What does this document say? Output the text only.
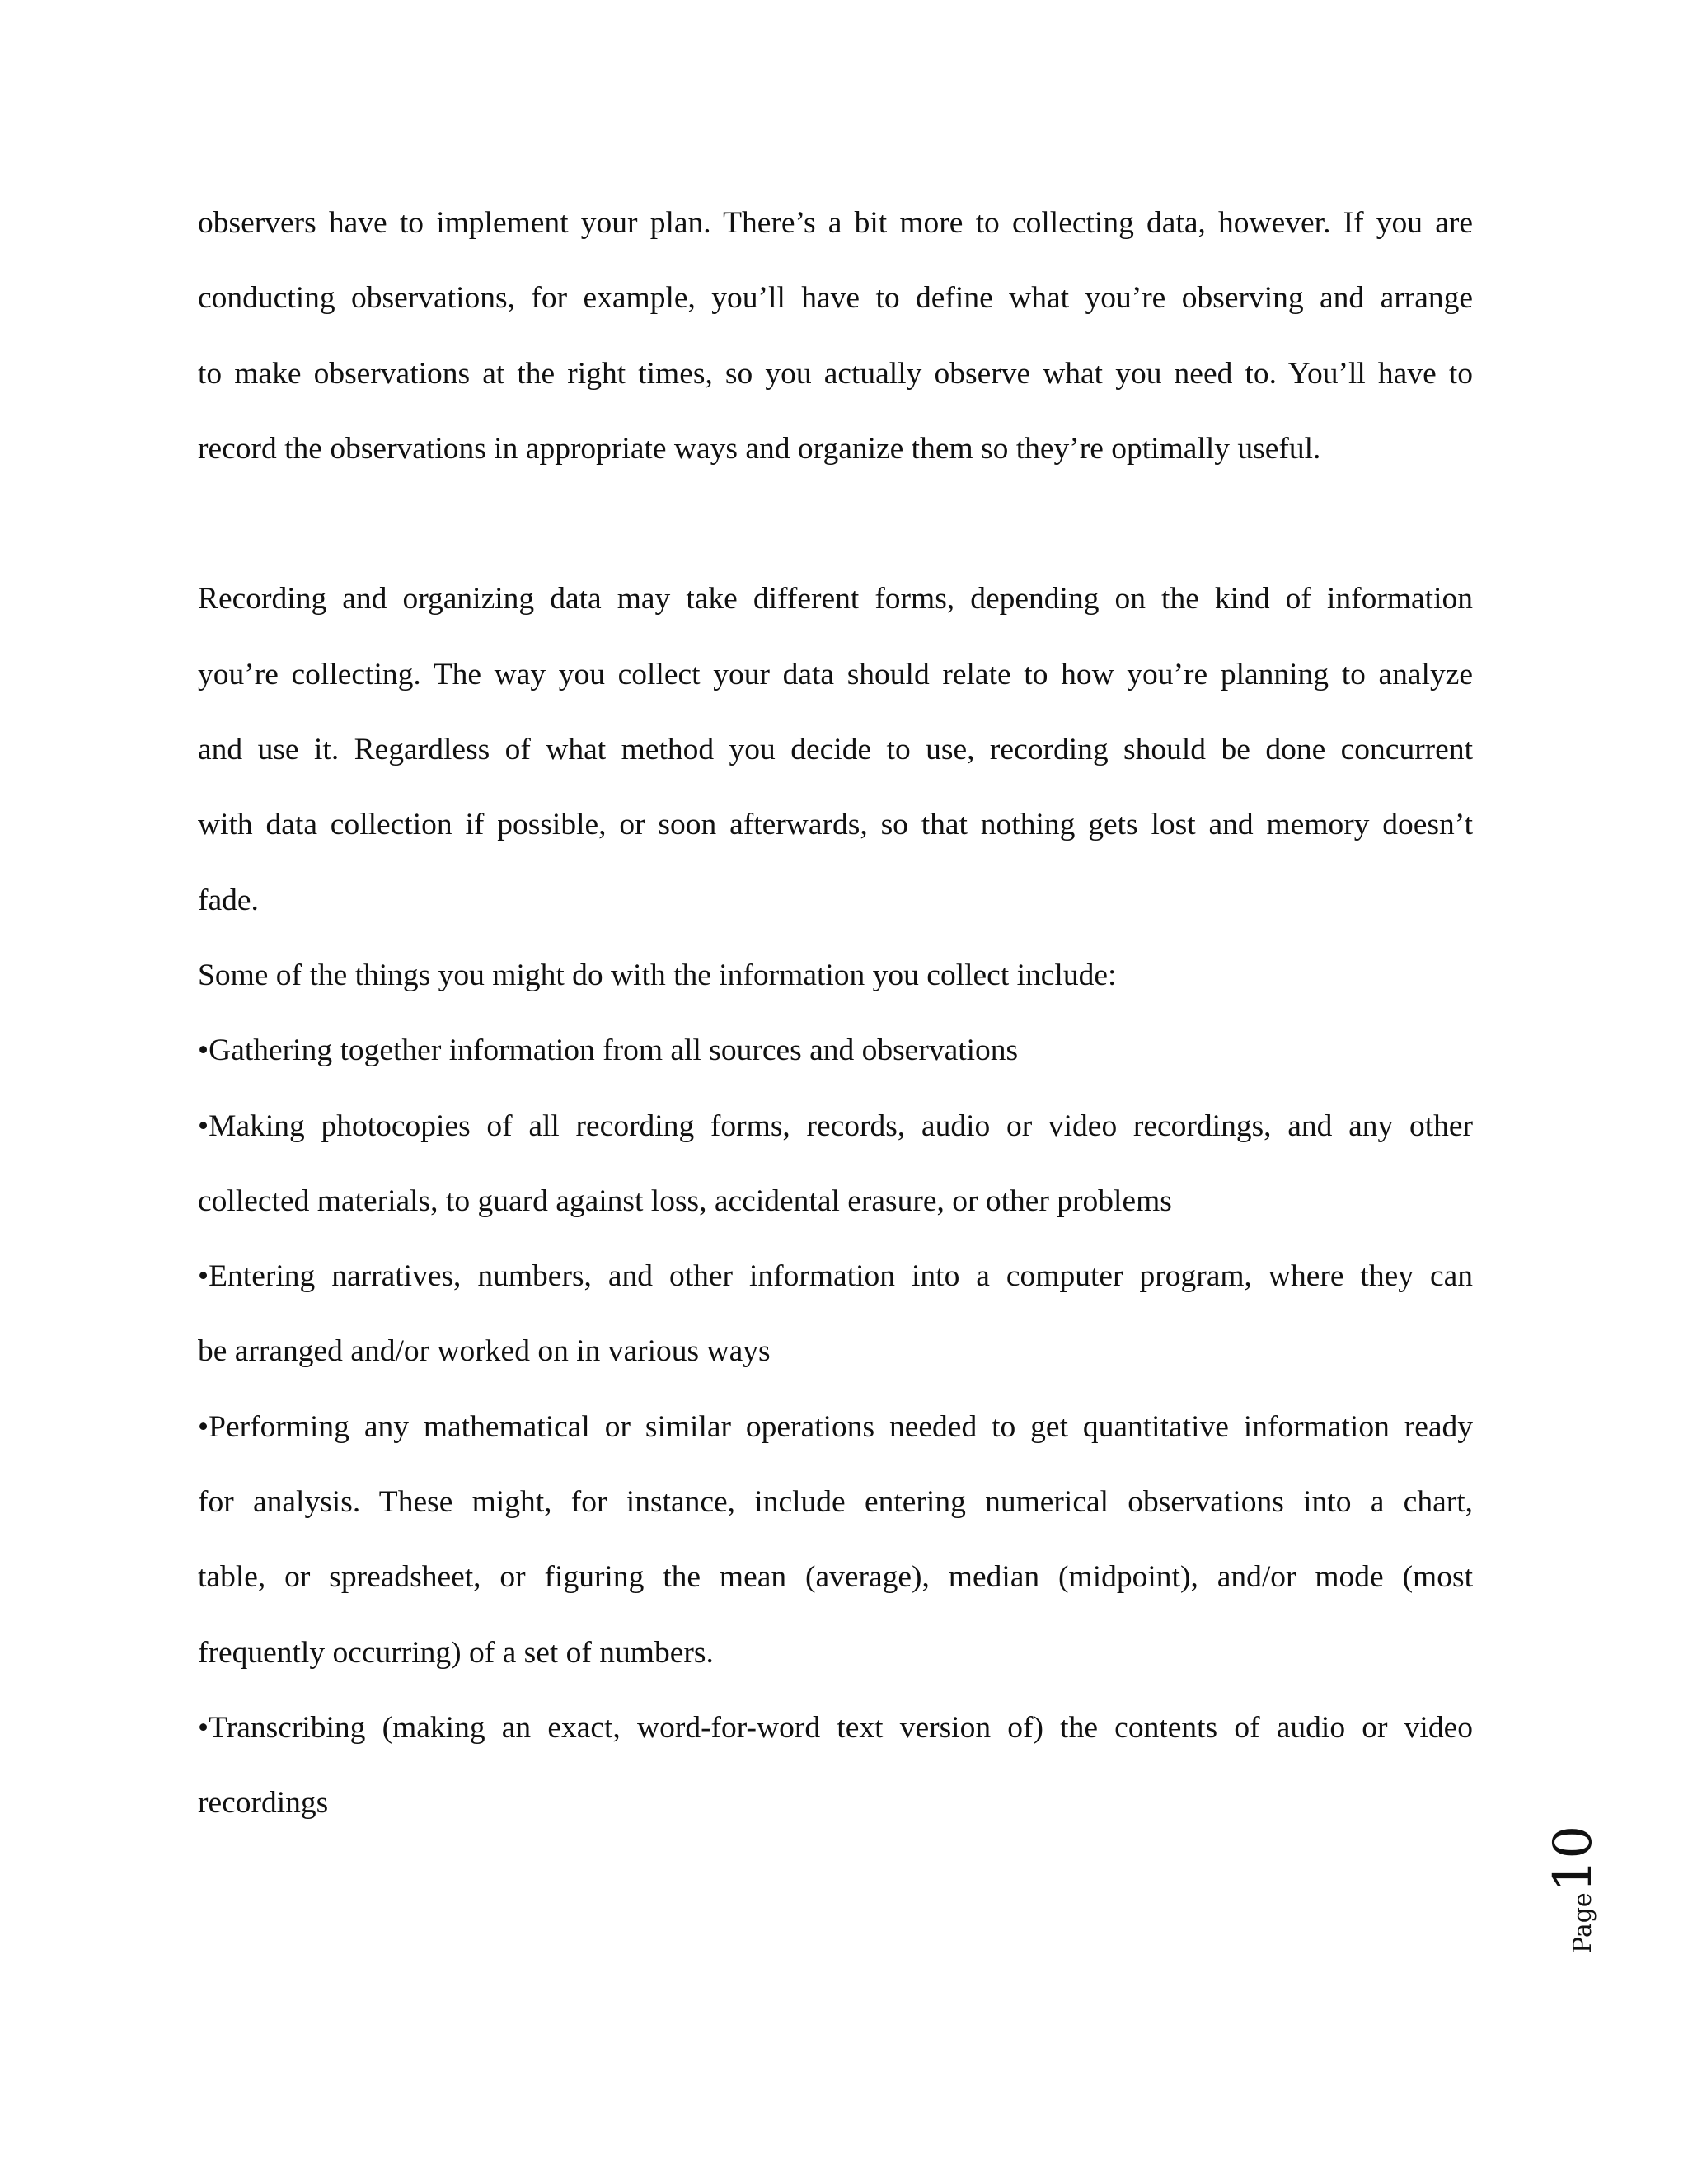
observers have to implement your plan. There’s a bit more to collecting data, however. If you are
conducting observations, for example, you’ll have to define what you’re observing and arrange
to make observations at the right times, so you actually observe what you need to. You’ll have to
record the observations in appropriate ways and organize them so they’re optimally useful.
Recording and organizing data may take different forms, depending on the kind of information
you’re collecting. The way you collect your data should relate to how you’re planning to analyze
and use it. Regardless of what method you decide to use, recording should be done concurrent
with data collection if possible, or soon afterwards, so that nothing gets lost and memory doesn’t
fade.
Some of the things you might do with the information you collect include:
•Gathering together information from all sources and observations
•Making photocopies of all recording forms, records, audio or video recordings, and any other
collected materials, to guard against loss, accidental erasure, or other problems
•Entering narratives, numbers, and other information into a computer program, where they can
be arranged and/or worked on in various ways
•Performing any mathematical or similar operations needed to get quantitative information ready
for analysis. These might, for instance, include entering numerical observations into a chart,
table, or spreadsheet, or figuring the mean (average), median (midpoint), and/or mode (most
frequently occurring) of a set of numbers.
•Transcribing (making an exact, word-for-word text version of) the contents of audio or video
recordings
Page10
